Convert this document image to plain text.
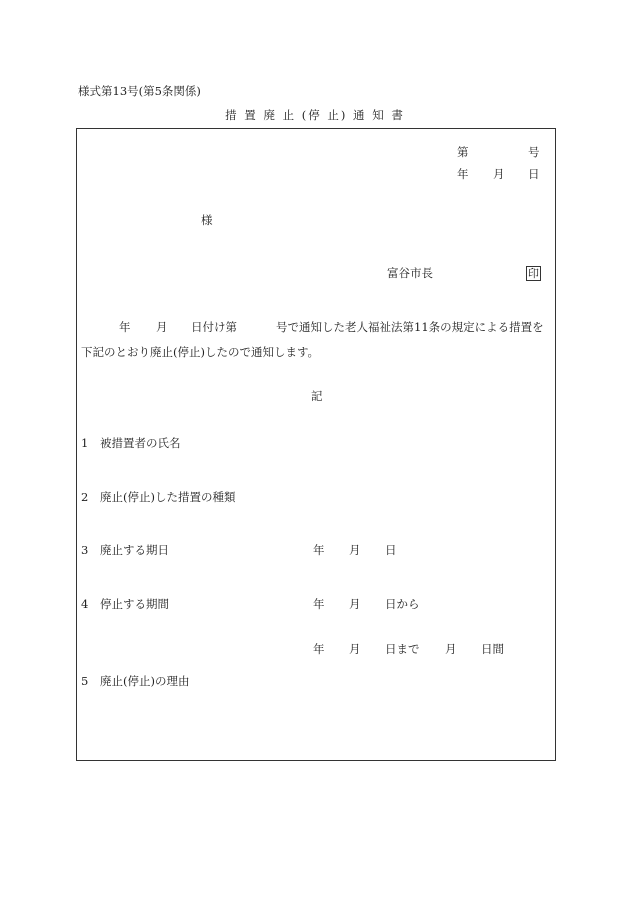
様式第13号(第5条関係)
措 置 廃 止 (停 止) 通 知 書
第	号
年 月 日
様
富谷市長	印
年 月 日付け第	号で通知した老人福祉法第11条の規定による措置を
下記のとおり廃止(停止)したので通知します。
記
1 被措置者の氏名
2 廃止(停止)した措置の種類
3 廃止する期日	年 月 日
4 停止する期間	年 月 日から
年 月 日まで 月 日間
5 廃止(停止)の理由
